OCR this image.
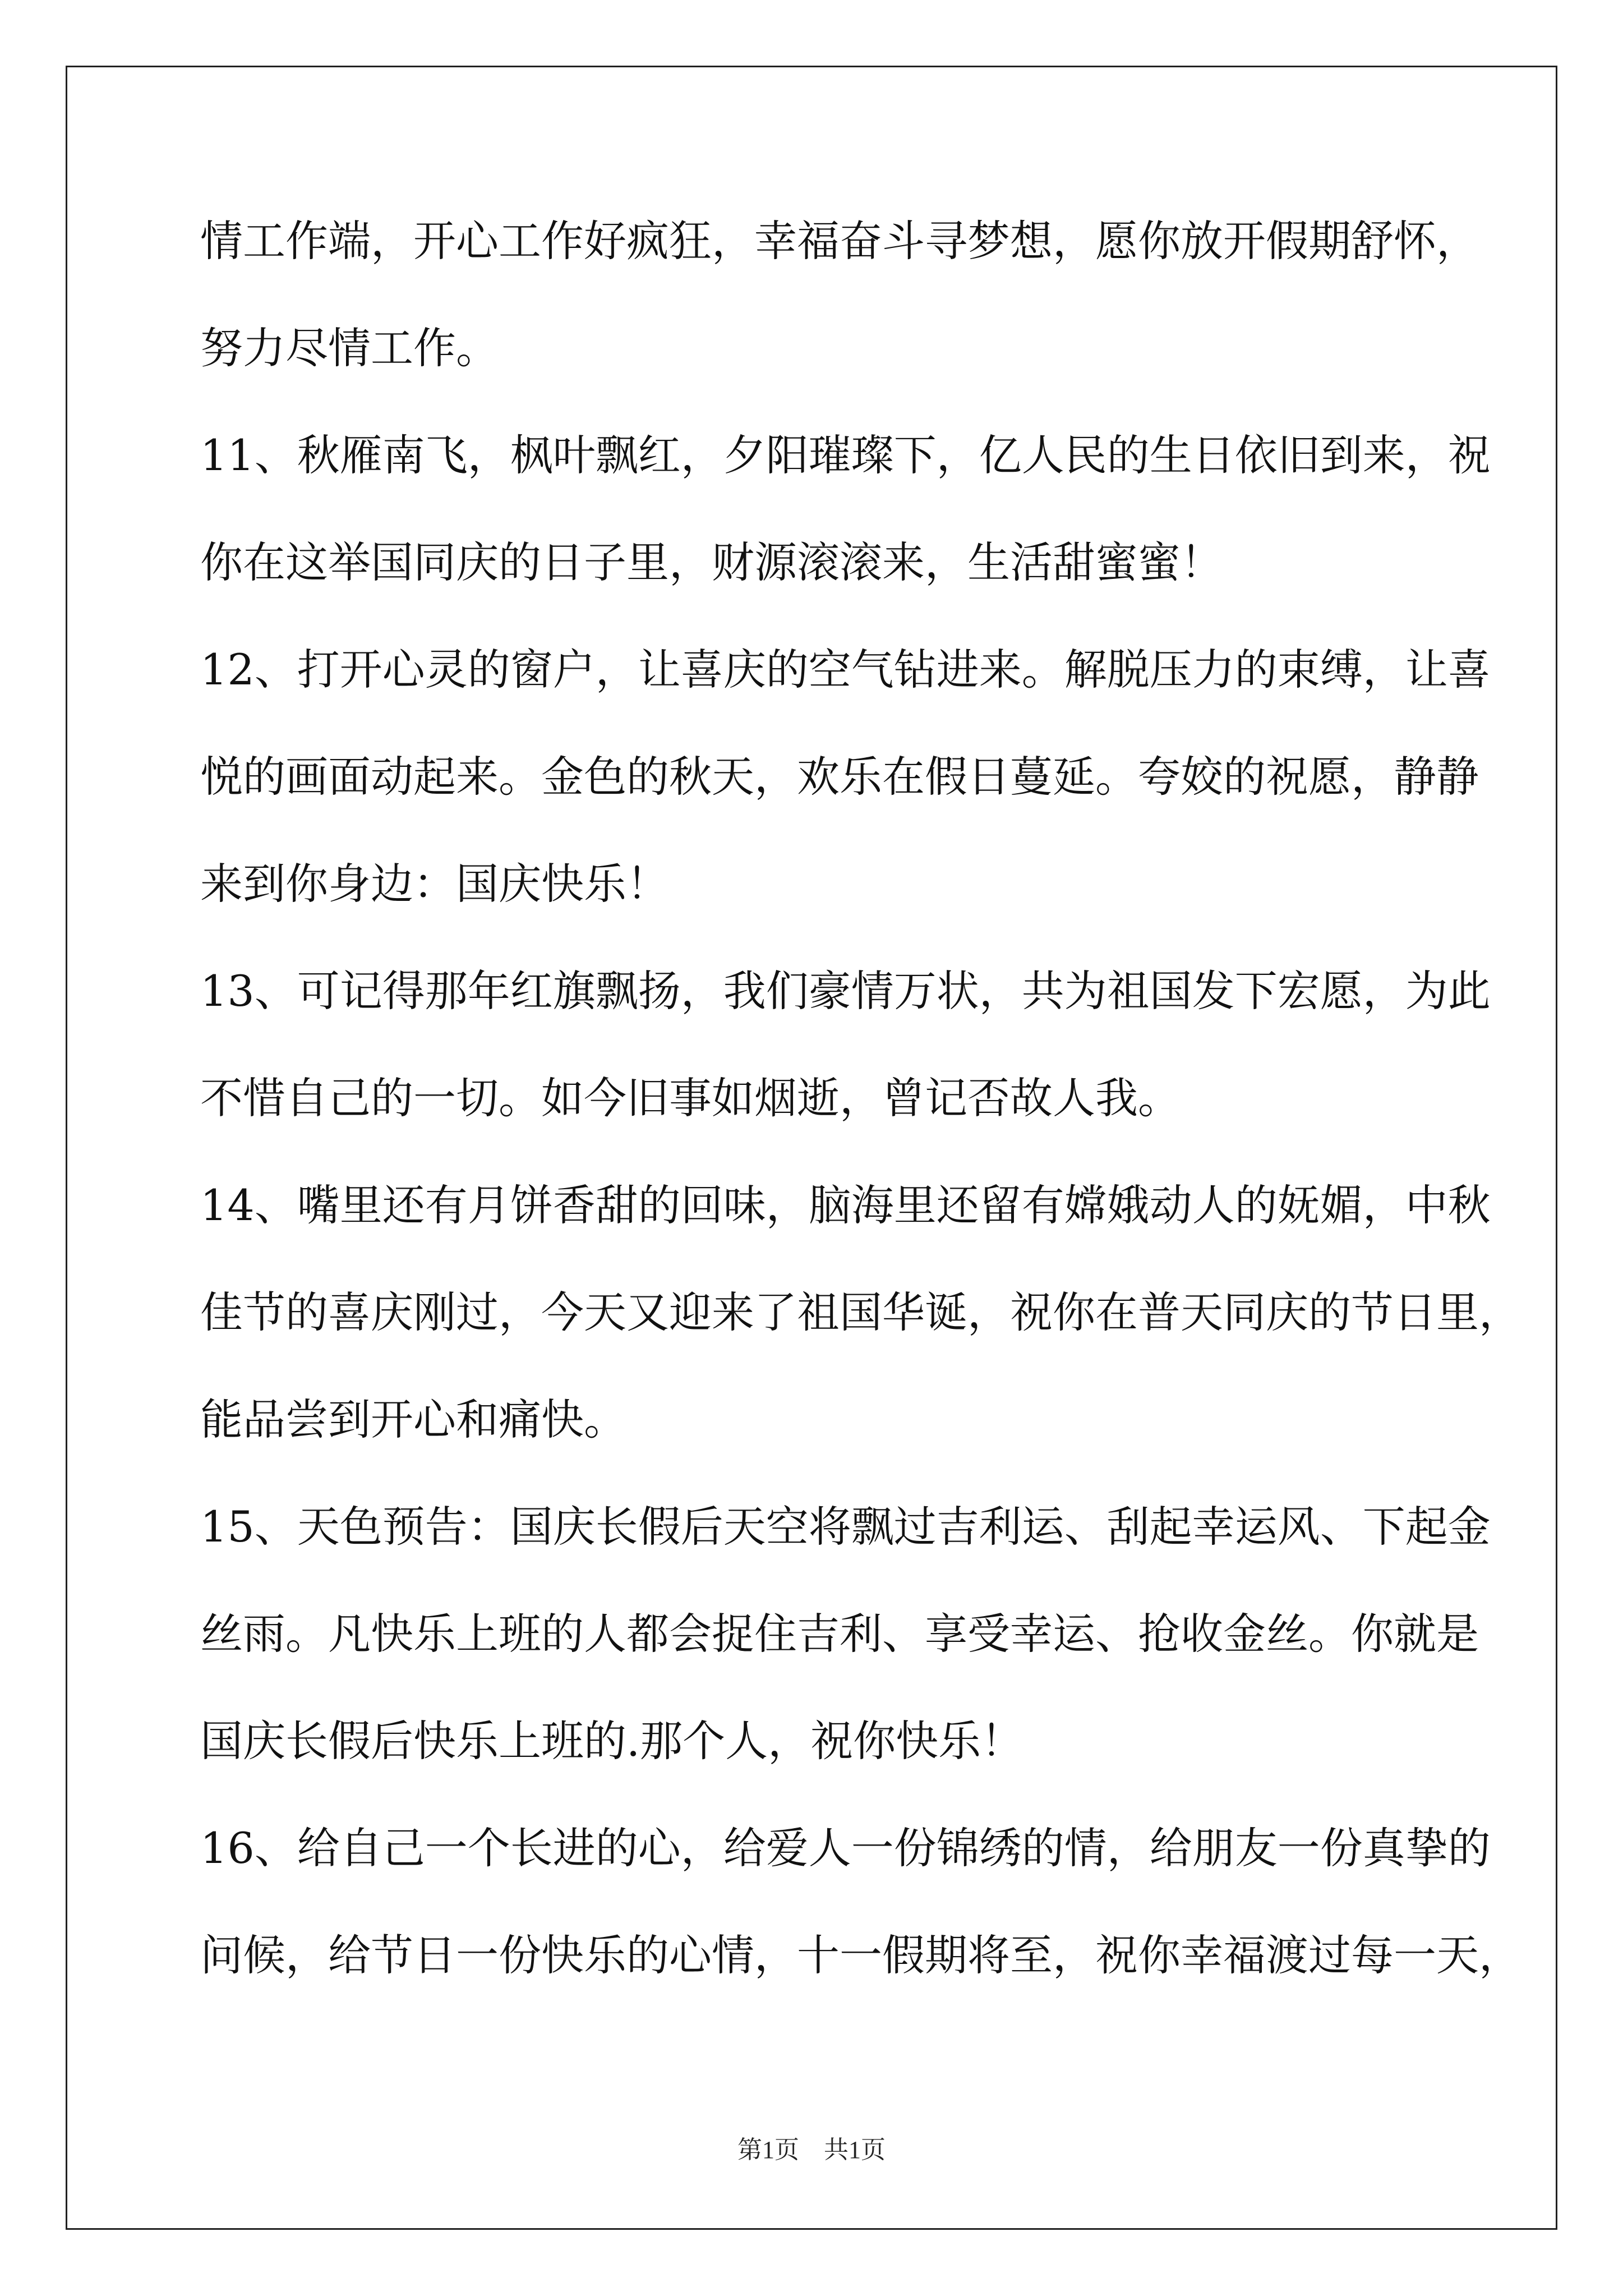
情工作端，开心工作好疯狂，幸福奋斗寻梦想，愿你放开假期舒怀，
努力尽情工作。
11、秋雁南飞，枫叶飘红，夕阳璀璨下，亿人民的生日依旧到来，祝
你在这举国同庆的日子里，财源滚滚来，生活甜蜜蜜！
12、打开心灵的窗户，让喜庆的空气钻进来。解脱压力的束缚，让喜
悦的画面动起来。金色的秋天，欢乐在假日蔓延。夸姣的祝愿，静静
来到你身边：国庆快乐！
13、可记得那年红旗飘扬，我们豪情万状，共为祖国发下宏愿，为此
不惜自己的一切。如今旧事如烟逝，曾记否故人我。
14、嘴里还有月饼香甜的回味，脑海里还留有嫦娥动人的妩媚，中秋
佳节的喜庆刚过，今天又迎来了祖国华诞，祝你在普天同庆的节日里，
能品尝到开心和痛快。
15、天色预告：国庆长假后天空将飘过吉利运、刮起幸运风、下起金
丝雨。凡快乐上班的人都会捉住吉利、享受幸运、抢收金丝。你就是
国庆长假后快乐上班的.那个人，祝你快乐！
16、给自己一个长进的心，给爱人一份锦绣的情，给朋友一份真挚的
问候，给节日一份快乐的心情，十一假期将至，祝你幸福渡过每一天，
第1页　共1页
